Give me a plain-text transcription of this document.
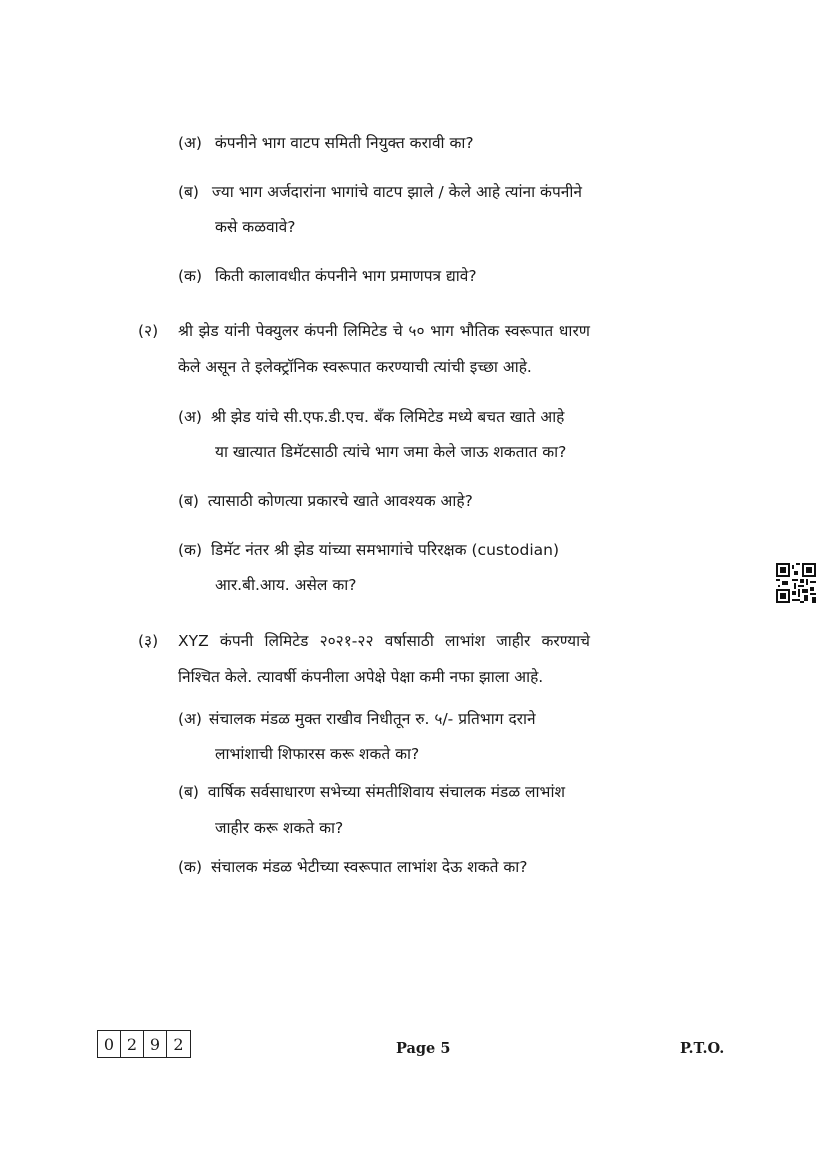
(अ) कंपनीने भाग वाटप समिती नियुक्त करावी का?
(ब) ज्या भाग अर्जदारांना भागांचे वाटप झाले / केले आहे त्यांना कंपनीने
कसे कळवावे?
(क) किती कालावधीत कंपनीने भाग प्रमाणपत्र द्यावे?
(२) श्री झेड यांनी पेक्युलर कंपनी लिमिटेड चे ५० भाग भौतिक स्वरूपात धारण
केले असून ते इलेक्ट्रॉनिक स्वरूपात करण्याची त्यांची इच्छा आहे.
(अ) श्री झेड यांचे सी.एफ.डी.एच. बँक लिमिटेड मध्ये बचत खाते आहे
या खात्यात डिमॅटसाठी त्यांचे भाग जमा केले जाऊ शकतात का?
(ब) त्यासाठी कोणत्या प्रकारचे खाते आवश्यक आहे?
(क) डिमॅट नंतर श्री झेड यांच्या समभागांचे परिरक्षक (custodian)
आर.बी.आय. असेल का?
(३) XYZ कंपनी लिमिटेड २०२१-२२ वर्षासाठी लाभांश जाहीर करण्याचे
निश्चित केले. त्यावर्षी कंपनीला अपेक्षे पेक्षा कमी नफा झाला आहे.
(अ) संचालक मंडळ मुक्त राखीव निधीतून रु. ५/- प्रतिभाग दराने
लाभांशाची शिफारस करू शकते का?
(ब) वार्षिक सर्वसाधारण सभेच्या संमतीशिवाय संचालक मंडळ लाभांश
जाहीर करू शकते का?
(क) संचालक मंडळ भेटीच्या स्वरूपात लाभांश देऊ शकते का?
0 2 9 2	Page 5	P.T.O.
